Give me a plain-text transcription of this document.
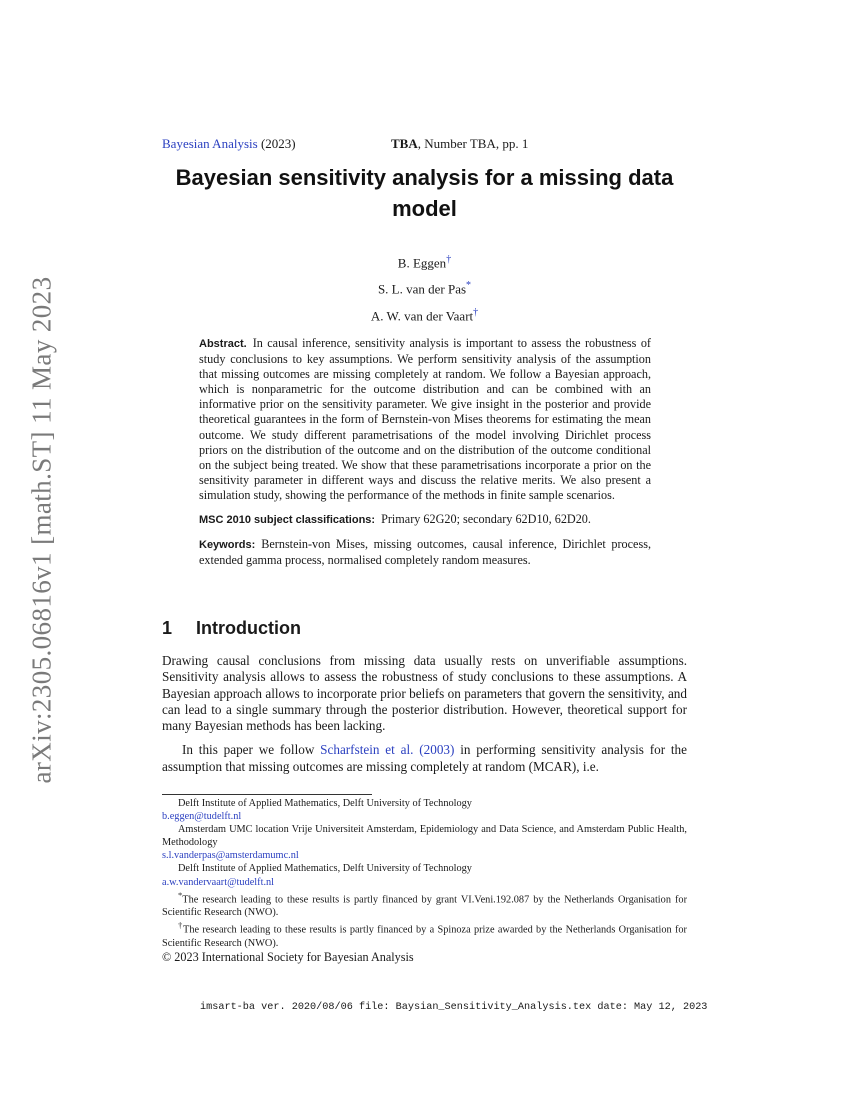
arXiv:2305.06816v1 [math.ST] 11 May 2023
Bayesian Analysis (2023)	TBA, Number TBA, pp. 1
Bayesian sensitivity analysis for a missing data model
B. Eggen†
S. L. van der Pas*
A. W. van der Vaart†
Abstract. In causal inference, sensitivity analysis is important to assess the robustness of study conclusions to key assumptions. We perform sensitivity analysis of the assumption that missing outcomes are missing completely at random. We follow a Bayesian approach, which is nonparametric for the outcome distribution and can be combined with an informative prior on the sensitivity parameter. We give insight in the posterior and provide theoretical guarantees in the form of Bernstein-von Mises theorems for estimating the mean outcome. We study different parametrisations of the model involving Dirichlet process priors on the distribution of the outcome and on the distribution of the outcome conditional on the subject being treated. We show that these parametrisations incorporate a prior on the sensitivity parameter in different ways and discuss the relative merits. We also present a simulation study, showing the performance of the methods in finite sample scenarios.
MSC 2010 subject classifications: Primary 62G20; secondary 62D10, 62D20.
Keywords: Bernstein-von Mises, missing outcomes, causal inference, Dirichlet process, extended gamma process, normalised completely random measures.
1 Introduction

Drawing causal conclusions from missing data usually rests on unverifiable assumptions. Sensitivity analysis allows to assess the robustness of study conclusions to these assumptions. A Bayesian approach allows to incorporate prior beliefs on parameters that govern the sensitivity, and can lead to a single summary through the posterior distribution. However, theoretical support for many Bayesian methods has been lacking.

In this paper we follow Scharfstein et al. (2003) in performing sensitivity analysis for the assumption that missing outcomes are missing completely at random (MCAR), i.e.

Delft Institute of Applied Mathematics, Delft University of Technology
b.eggen@tudelft.nl
Amsterdam UMC location Vrije Universiteit Amsterdam, Epidemiology and Data Science, and Amsterdam Public Health, Methodology
s.l.vanderpas@amsterdamumc.nl
Delft Institute of Applied Mathematics, Delft University of Technology
a.w.vandervaart@tudelft.nl
*The research leading to these results is partly financed by grant VI.Veni.192.087 by the Netherlands Organisation for Scientific Research (NWO).
†The research leading to these results is partly financed by a Spinoza prize awarded by the Netherlands Organisation for Scientific Research (NWO).
© 2023 International Society for Bayesian Analysis
imsart-ba ver. 2020/08/06 file: Baysian_Sensitivity_Analysis.tex date: May 12, 2023
